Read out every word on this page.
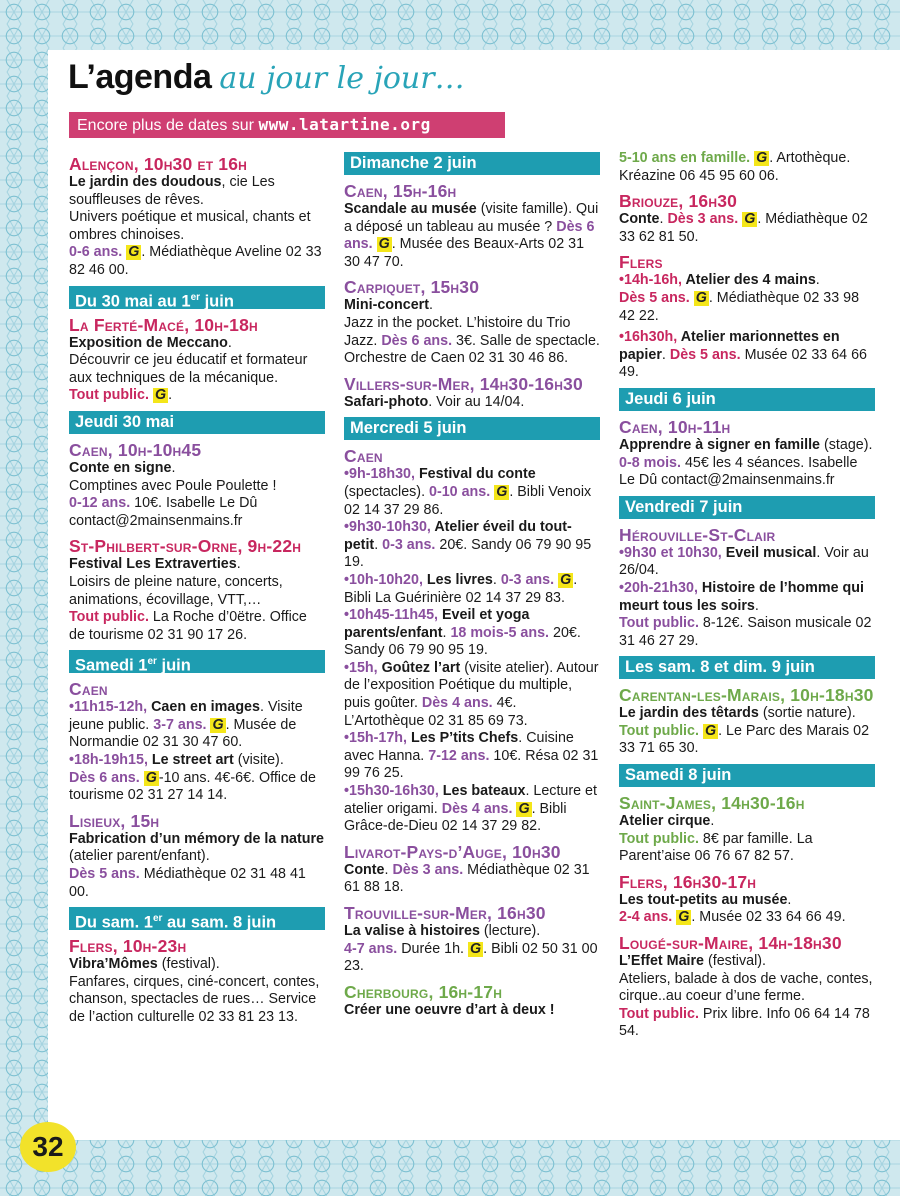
L’agenda au jour le jour…
Encore plus de dates sur www.latartine.org
Alençon, 10h30 et 16h
Le jardin des doudous, cie Les souffleuses de rêves.
Univers poétique et musical, chants et ombres chinoises.
0-6 ans. G . Médiathèque Aveline 02 33 82 46 00.
Du 30 mai au 1er juin
La Ferté-Macé, 10h-18h
Exposition de Meccano.
Découvrir ce jeu éducatif et formateur aux techniques de la mécanique.
Tout public. G .
Jeudi 30 mai
Caen, 10h-10h45
Conte en signe.
Comptines avec Poule Poulette !
0-12 ans. 10€. Isabelle Le Dû contact@2mainsenmains.fr
St-Philbert-sur-Orne, 9h-22h
Festival Les Extraverties.
Loisirs de pleine nature, concerts, animations, écovillage, VTT,…
Tout public. La Roche d’0ëtre. Office de tourisme 02 31 90 17 26.
Samedi 1er juin
Caen
•11h15-12h, Caen en images. Visite jeune public. 3-7 ans. G . Musée de Normandie 02 31 30 47 60.
•18h-19h15, Le street art (visite).
Dès 6 ans. G -10 ans. 4€-6€. Office de tourisme 02 31 27 14 14.
Lisieux, 15h
Fabrication d’un mémory de la nature (atelier parent/enfant).
Dès 5 ans. Médiathèque 02 31 48 41 00.
Du sam. 1er au sam. 8 juin
Flers, 10h-23h
Vibra’Mômes (festival).
Fanfares, cirques, ciné-concert, contes, chanson, spectacles de rues… Service de l’action culturelle 02 33 81 23 13.
Dimanche 2 juin
Caen, 15h-16h
Scandale au musée (visite famille). Qui a déposé un tableau au musée ? Dès 6 ans. G . Musée des Beaux-Arts 02 31 30 47 70.
Carpiquet, 15h30
Mini-concert.
Jazz in the pocket. L’histoire du Trio Jazz. Dès 6 ans. 3€. Salle de spectacle. Orchestre de Caen 02 31 30 46 86.
Villers-sur-Mer, 14h30-16h30
Safari-photo. Voir au 14/04.
Mercredi 5 juin
Caen
•9h-18h30, Festival du conte (spectacles). 0-10 ans. G . Bibli Venoix 02 14 37 29 86.
•9h30-10h30, Atelier éveil du tout-petit. 0-3 ans. 20€. Sandy 06 79 90 95 19.
•10h-10h20, Les livres. 0-3 ans. G . Bibli La Guérinière 02 14 37 29 83.
•10h45-11h45, Eveil et yoga parents/enfant. 18 mois-5 ans. 20€. Sandy 06 79 90 95 19.
•15h, Goûtez l’art (visite atelier). Autour de l’exposition Poétique du multiple, puis goûter. Dès 4 ans. 4€. L’Artothèque 02 31 85 69 73.
•15h-17h, Les P’tits Chefs. Cuisine avec Hanna. 7-12 ans. 10€. Résa 02 31 99 76 25.
•15h30-16h30, Les bateaux. Lecture et atelier origami. Dès 4 ans. G . Bibli Grâce-de-Dieu 02 14 37 29 82.
Livarot-Pays-d’Auge, 10h30
Conte. Dès 3 ans. Médiathèque 02 31 61 88 18.
Trouville-sur-Mer, 16h30
La valise à histoires (lecture).
4-7 ans. Durée 1h. G . Bibli 02 50 31 00 23.
Cherbourg, 16h-17h
Créer une oeuvre d’art à deux !
5-10 ans en famille. G . Artothèque. Kréazine 06 45 95 60 06.
Briouze, 16h30
Conte. Dès 3 ans. G . Médiathèque 02 33 62 81 50.
Flers
•14h-16h, Atelier des 4 mains.
Dès 5 ans. G . Médiathèque 02 33 98 42 22.
•16h30h, Atelier marionnettes en papier. Dès 5 ans. Musée 02 33 64 66 49.
Jeudi 6 juin
Caen, 10h-11h
Apprendre à signer en famille (stage).
0-8 mois. 45€ les 4 séances. Isabelle Le Dû contact@2mainsenmains.fr
Vendredi 7 juin
Hérouville-St-Clair
•9h30 et 10h30, Eveil musical. Voir au 26/04.
•20h-21h30, Histoire de l’homme qui meurt tous les soirs.
Tout public. 8-12€. Saison musicale 02 31 46 27 29.
Les sam. 8 et dim. 9 juin
Carentan-les-Marais, 10h-18h30
Le jardin des têtards (sortie nature).
Tout public. G . Le Parc des Marais 02 33 71 65 30.
Samedi 8 juin
Saint-James, 14h30-16h
Atelier cirque.
Tout public. 8€ par famille. La Parent’aise 06 76 67 82 57.
Flers, 16h30-17h
Les tout-petits au musée.
2-4 ans. G . Musée 02 33 64 66 49.
Lougé-sur-Maire, 14h-18h30
L’Effet Maire (festival).
Ateliers, balade à dos de vache, contes, cirque..au coeur d’une ferme.
Tout public. Prix libre. Info 06 64 14 78 54.
32
